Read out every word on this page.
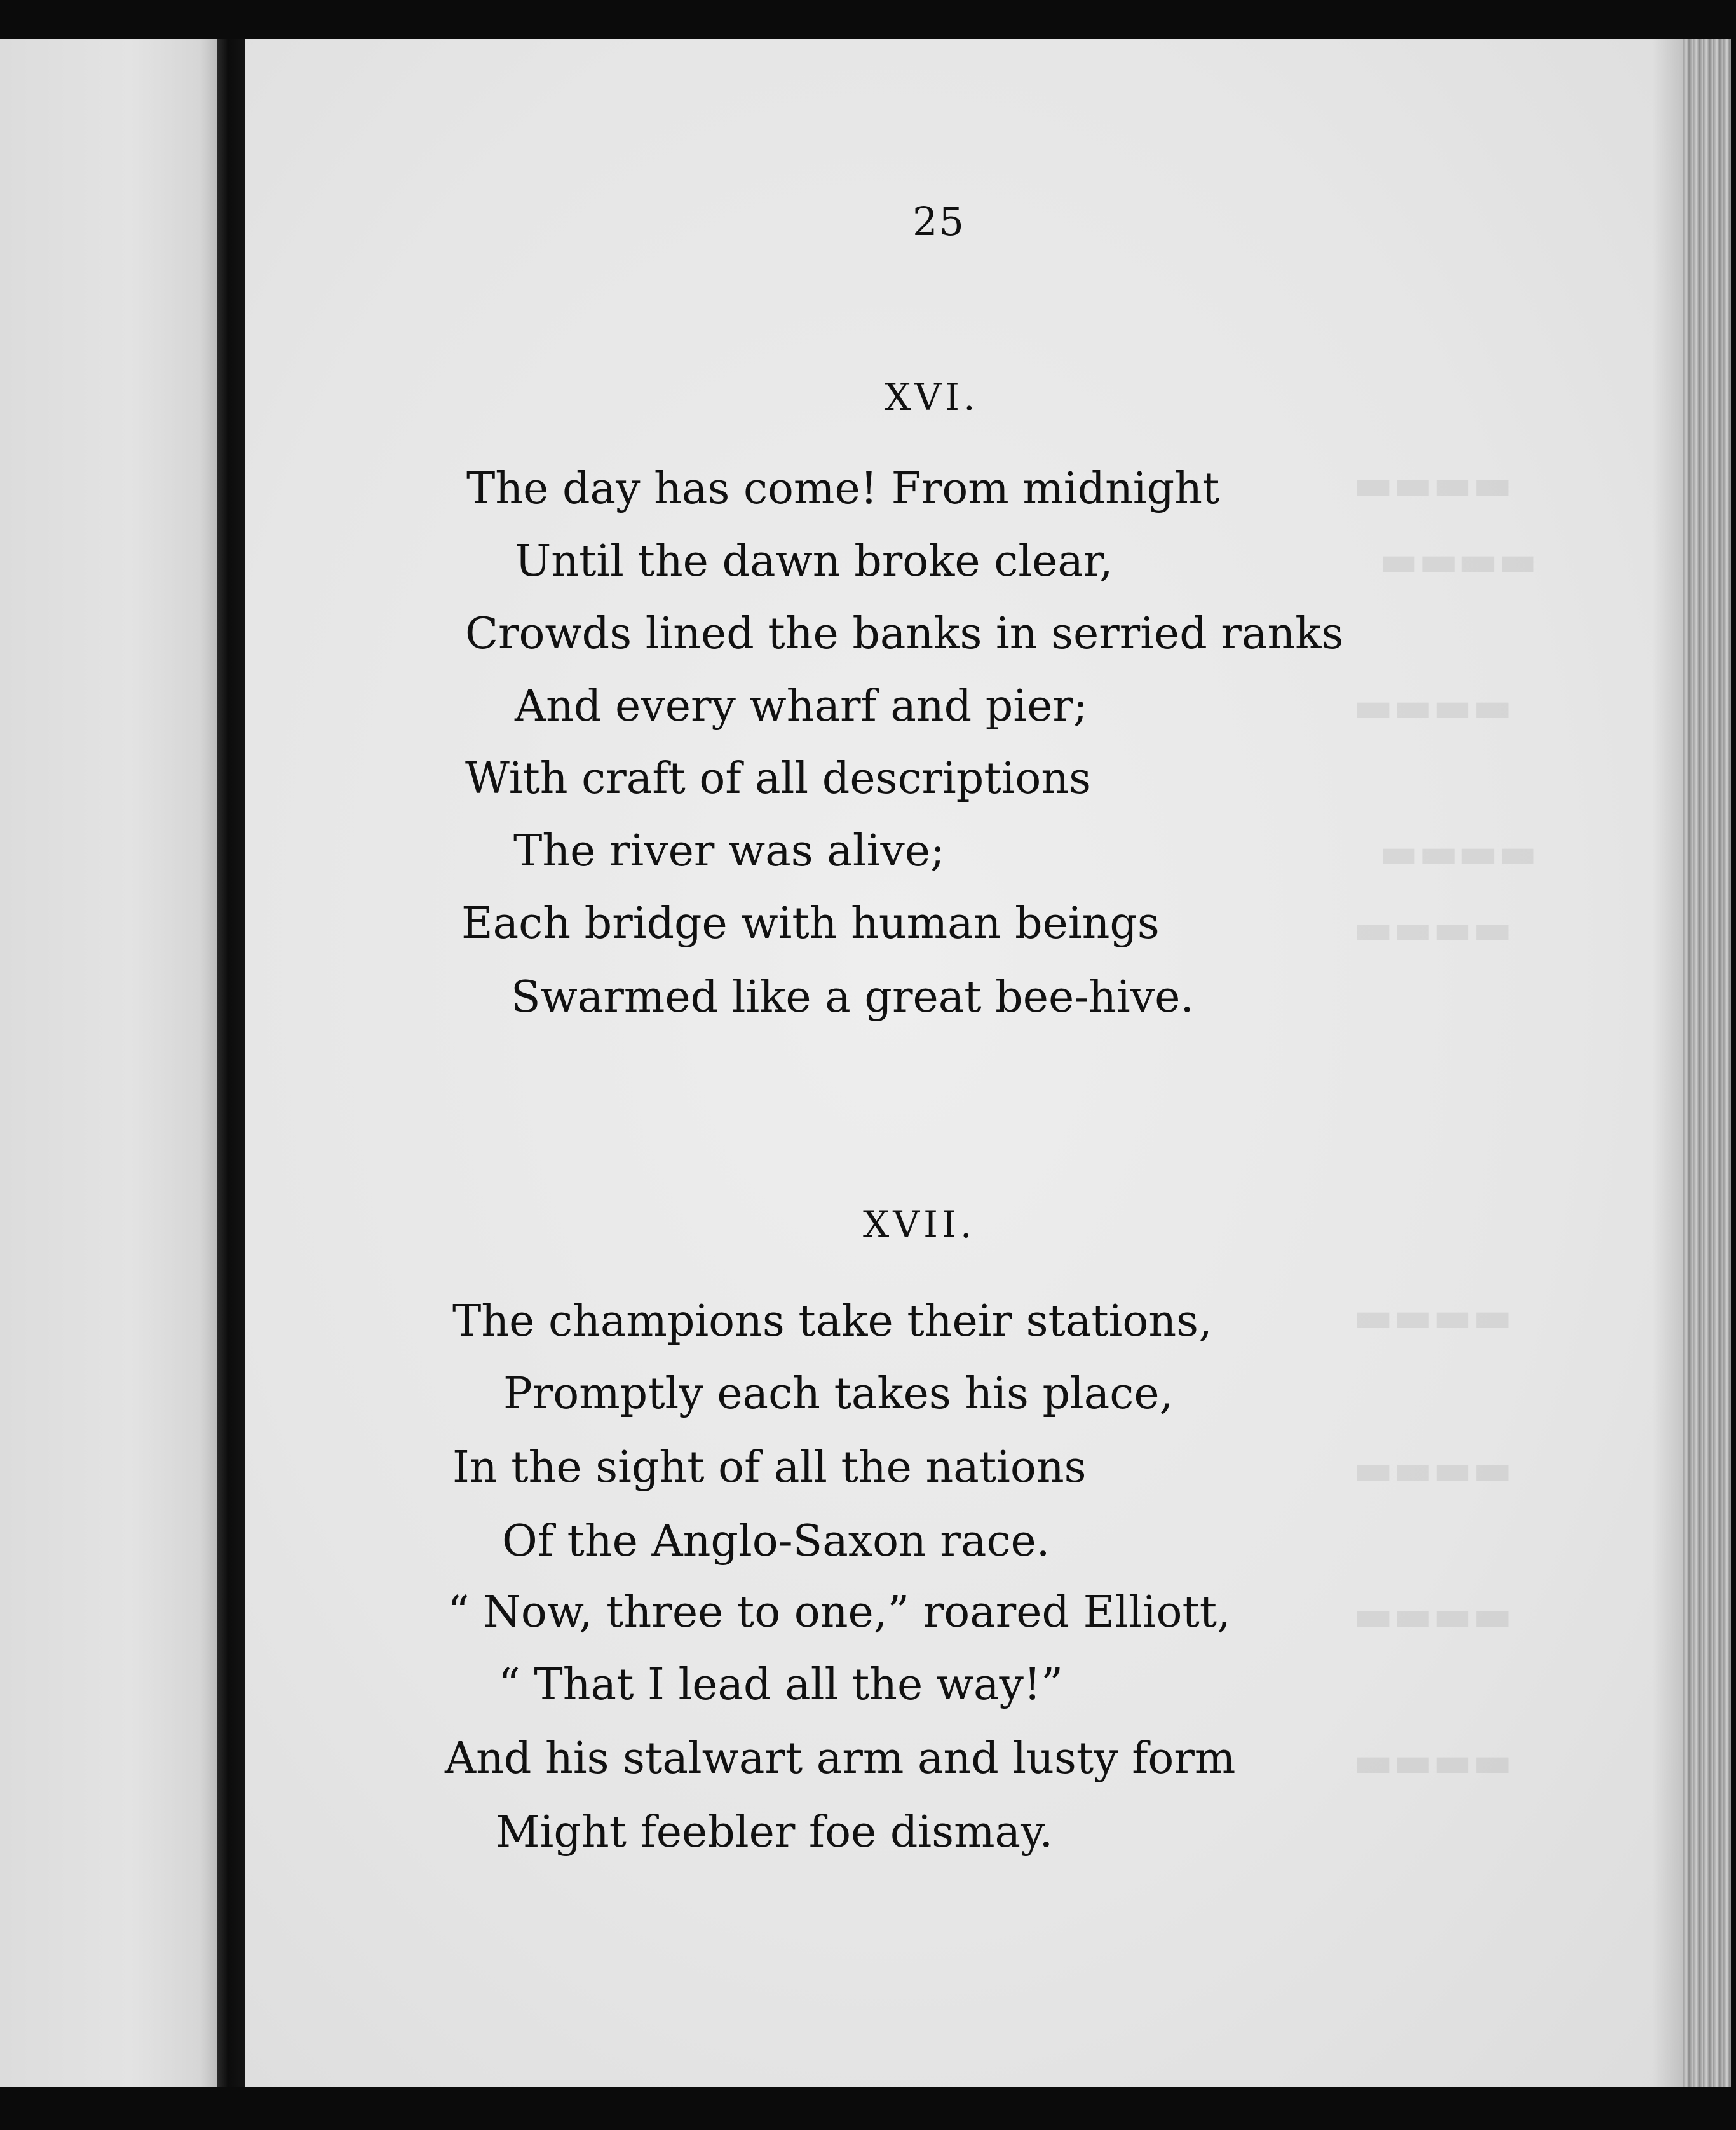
25
XVI.
The day has come! From midnight
Until the dawn broke clear,
Crowds lined the banks in serried ranks
And every wharf and pier;
With craft of all descriptions
The river was alive;
Each bridge with human beings
Swarmed like a great bee-hive.
XVII.
The champions take their stations,
Promptly each takes his place,
In the sight of all the nations
Of the Anglo-Saxon race.
“ Now, three to one,” roared Elliott,
“ That I lead all the way!”
And his stalwart arm and lusty form
Might feebler foe dismay.
